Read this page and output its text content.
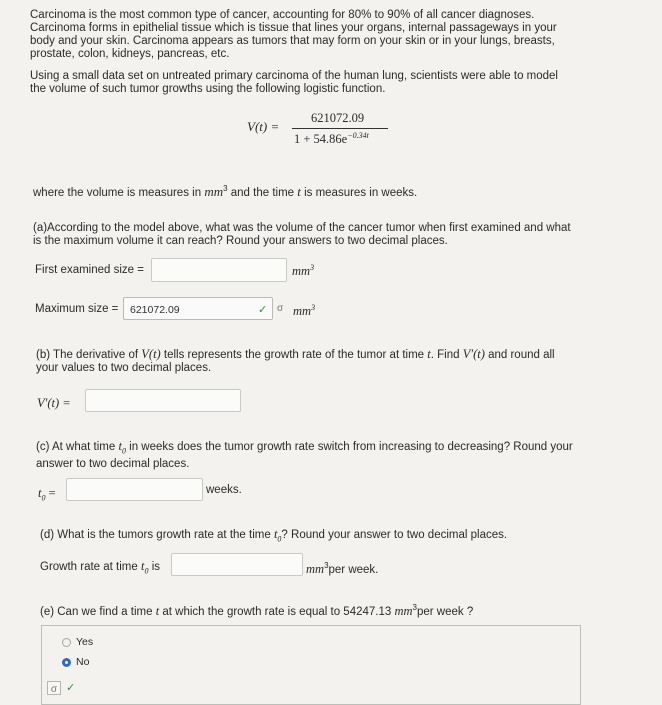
Carcinoma is the most common type of cancer, accounting for 80% to 90% of all cancer diagnoses.

Carcinoma forms in epithelial tissue which is tissue that lines your organs, internal passageways in your

body and your skin. Carcinoma appears as tumors that may form on your skin or in your lungs, breasts,

prostate, colon, kidneys, pancreas, etc.

Using a small data set on untreated primary carcinoma of the human lung, scientists were able to model

the volume of such tumor growths using the following logistic function.

V(t) =
621072.09
$1 + 54.86e^{-0.34t}$
where the volume is measures in $mm^3$ and the time t is measures in weeks.

(a)According to the model above, what was the volume of the cancer tumor when first examined and what

is the maximum volume it can reach? Round your answers to two decimal places.

First examined size =	$mm^3$
Maximum size = 621072.09	✓ σ $mm^3$

(b) The derivative of V(t) tells represents the growth rate of the tumor at time t. Find V′(t) and round all

your values to two decimal places.

V′(t) =

(c) At what time $t_0$ in weeks does the tumor growth rate switch from increasing to decreasing? Round your

answer to two decimal places.

$t_0$ =	weeks.
(d) What is the tumors growth rate at the time $t_0$? Round your answer to two decimal places.
Growth rate at time $t_0$ is	$mm^3per$ week.
(e) Can we find a time t at which the growth rate is equal to 54247.13 $mm^3per$ week ?
Yes
No
σ ✓
